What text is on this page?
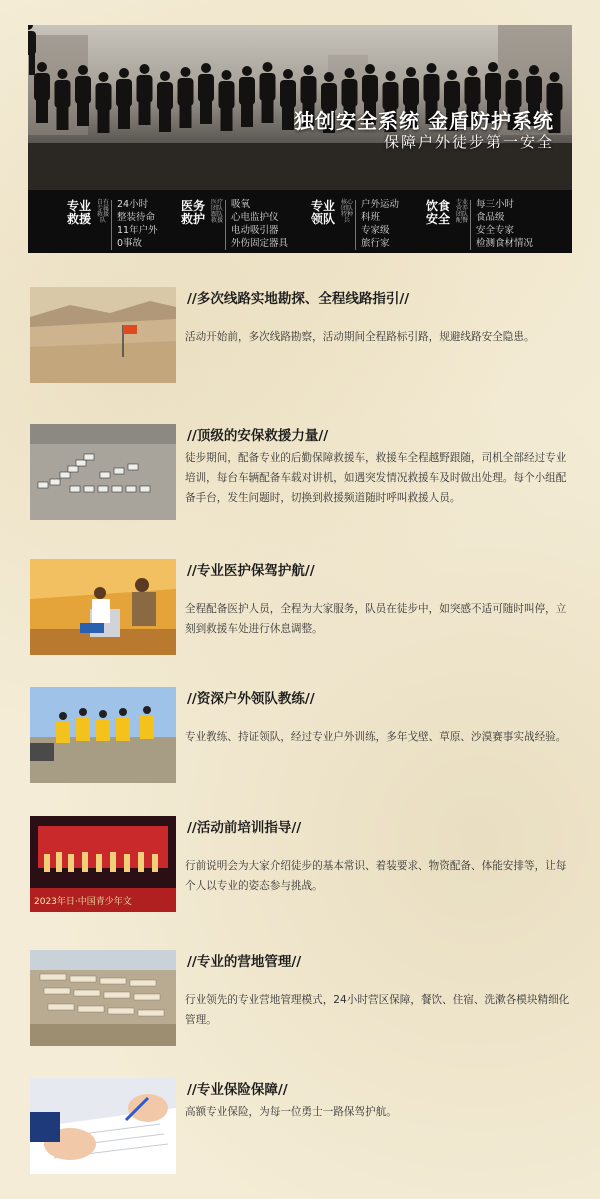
独创安全系统 金盾防护系统
保障户外徒步第一安全
专业救援
自有专属救援队
24小时
整装待命
11年户外
0事故
医务救护
医疗团队跟队救援
吸氧
心电监护仪
电动吸引器
外伤固定器具
专业领队
核心团队特种兵
户外运动
科班
专家级
旅行家
饮食安全
专业营养团队配餐
每三小时
食品级
安全专家
检测食材情况
//多次线路实地勘探、全程线路指引//
活动开始前，多次线路勘察，活动期间全程路标引路，规避线路安全隐患。
//顶级的安保救援力量//
徒步期间，配备专业的后勤保障救援车，救援车全程越野跟随，司机全部经过专业培训，每台车辆配备车载对讲机，如遇突发情况救援车及时做出处理。每个小组配备手台，发生问题时，切换到救援频道随时呼叫救援人员。
//专业医护保驾护航//
全程配备医护人员，全程为大家服务，队员在徒步中，如突感不适可随时叫停，立刻到救援车处进行休息调整。
//资深户外领队教练//
专业教练、持证领队，经过专业户外训练，多年戈壁、草原、沙漠赛事实战经验。
2023年日·中国青少年文
//活动前培训指导//
行前说明会为大家介绍徒步的基本常识、着装要求、物资配备、体能安排等，让每个人以专业的姿态参与挑战。
//专业的营地管理//
行业领先的专业营地管理模式，24小时营区保障，餐饮、住宿、洗漱各模块精细化管理。
//专业保险保障//
高额专业保险，为每一位勇士一路保驾护航。
